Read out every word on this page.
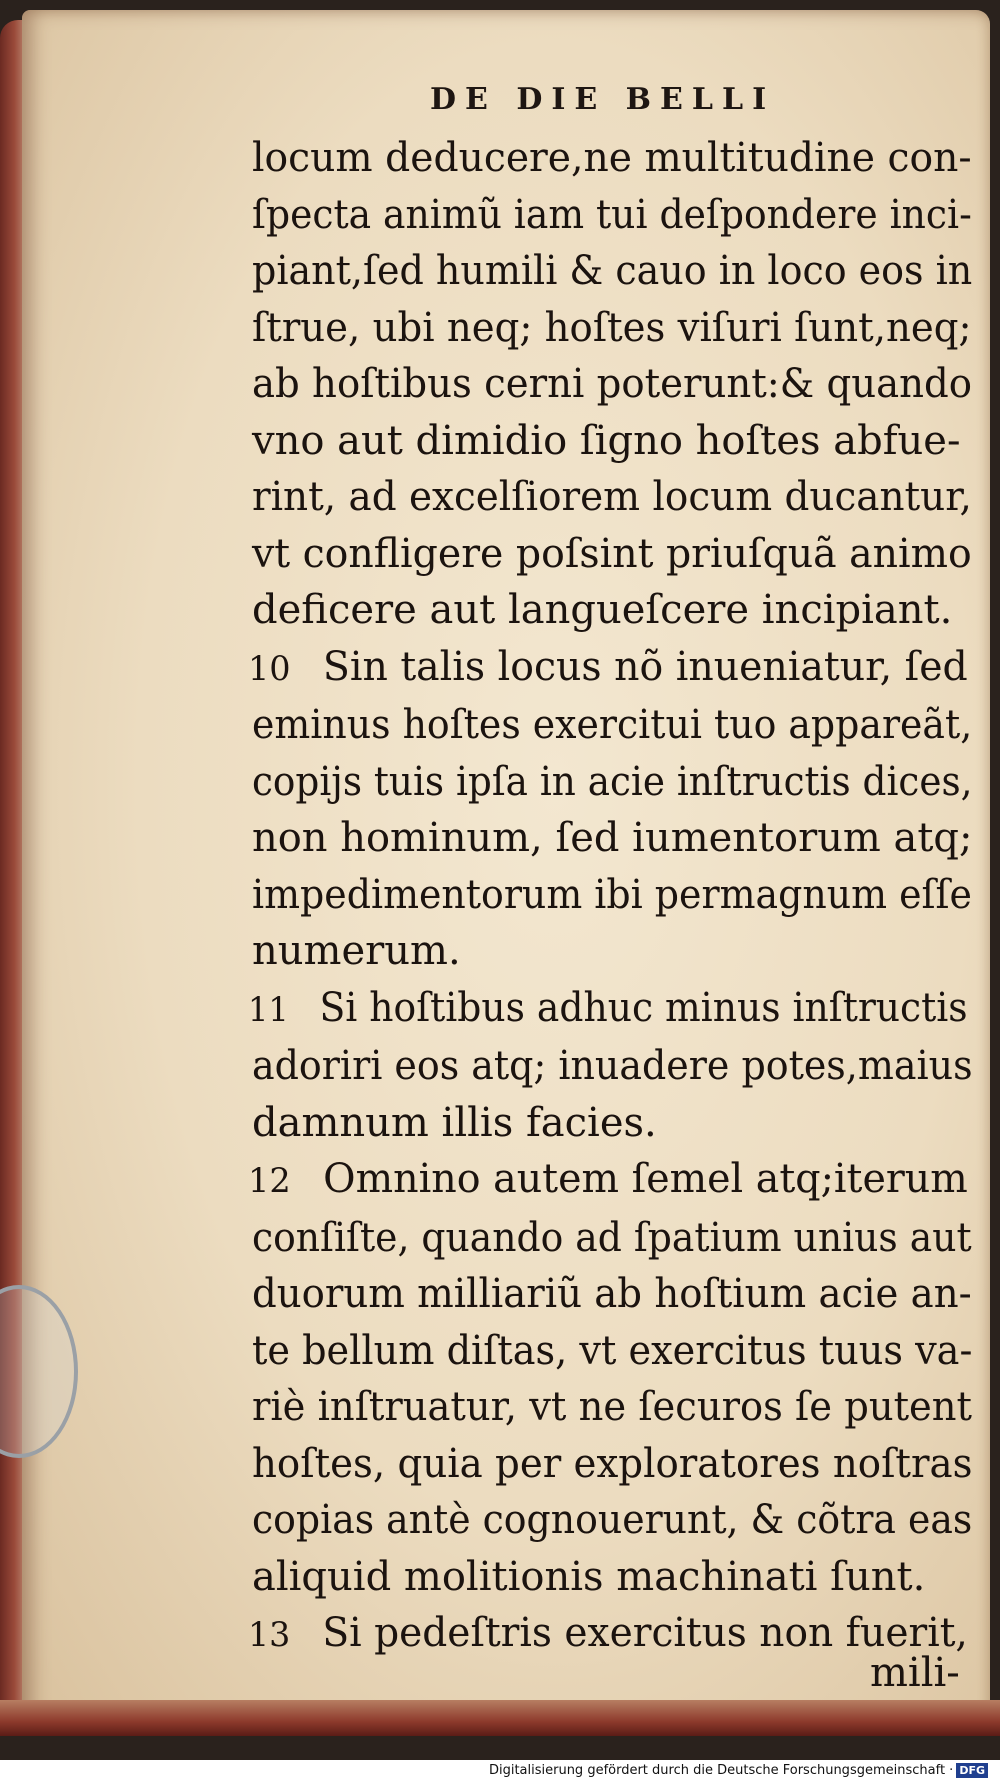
DE DIE BELLI
locum deducere,ne multitudine con-
ſpecta animũ iam tui deſpondere inci-
piant,ſed humili & cauo in loco eos in
ſtrue, ubi neq; hoſtes viſuri ſunt,neq;
ab hoſtibus cerni poterunt:& quando
vno aut dimidio ſigno hoſtes abfue-
rint, ad excelſiorem locum ducantur,
vt confligere poſsint priuſquã animo
deficere aut langueſcere incipiant.
10 Sin talis locus nõ inueniatur, ſed
eminus hoſtes exercitui tuo appareãt,
copijs tuis ipſa in acie inſtructis dices,
non hominum, ſed iumentorum atq;
impedimentorum ibi permagnum eſſe
numerum.
11 Si hoſtibus adhuc minus inſtructis
adoriri eos atq; inuadere potes,maius
damnum illis facies.
12 Omnino autem ſemel atq;iterum
conſiſte, quando ad ſpatium unius aut
duorum milliariũ ab hoſtium acie an-
te bellum diſtas, vt exercitus tuus va-
riè inſtruatur, vt ne ſecuros ſe putent
hoſtes, quia per exploratores noſtras
copias antè cognouerunt, & cõtra eas
aliquid molitionis machinati ſunt.
13 Si pedeſtris exercitus non fuerit,
mili-
Digitalisierung gefördert durch die Deutsche Forschungsgemeinschaft · DFG
